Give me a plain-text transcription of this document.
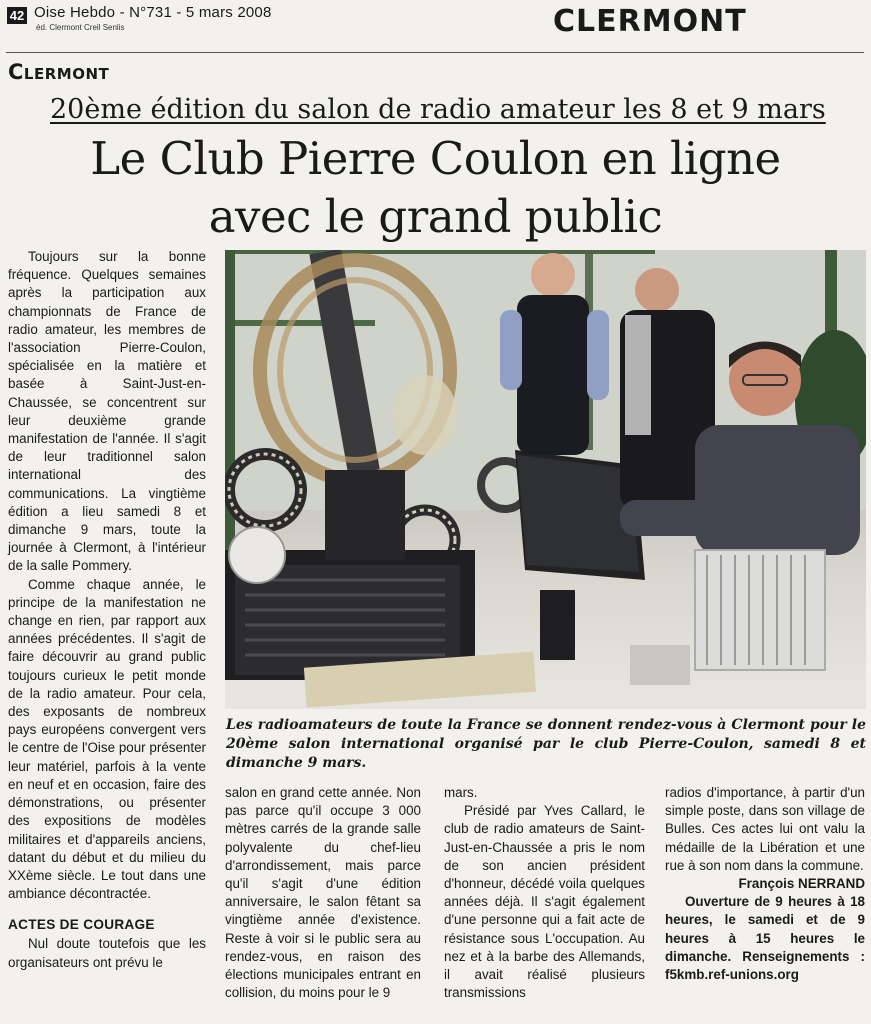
42 Oise Hebdo - N°731 - 5 mars 2008
éd. Clermont Creil Senlis	CLERMONT
Clermont
20ème édition du salon de radio amateur les 8 et 9 mars
Le Club Pierre Coulon en ligne
avec le grand public

Toujours sur la bonne fréquence. Quelques semaines après la participation aux championnats de France de radio amateur, les membres de l'association Pierre-Coulon, spécialisée en la matière et basée à Saint-Just-en-Chaussée, se concentrent sur leur deuxième grande manifestation de l'année. Il s'agit de leur traditionnel salon international des communications. La vingtième édition a lieu samedi 8 et dimanche 9 mars, toute la journée à Clermont, à l'intérieur de la salle Pommery.

Comme chaque année, le principe de la manifestation ne change en rien, par rapport aux années précédentes. Il s'agit de faire découvrir au grand public toujours curieux le petit monde de la radio amateur. Pour cela, des exposants de nombreux pays européens convergent vers le centre de l'Oise pour présenter leur matériel, parfois à la vente en neuf et en occasion, faire des démonstrations, ou présenter des expositions de modèles militaires et d'appareils anciens, datant du début et du milieu du XXème siècle. Le tout dans une ambiance décontractée.

ACTES DE COURAGE

Nul doute toutefois que les organisateurs ont prévu le

Les radioamateurs de toute la France se donnent rendez-vous à Clermont pour le 20ème salon international organisé par le club Pierre-Coulon, samedi 8 et dimanche 9 mars.

salon en grand cette année. Non pas parce qu'il occupe 3 000 mètres carrés de la grande salle polyvalente du chef-lieu d'arrondissement, mais parce qu'il s'agit d'une édition anniversaire, le salon fêtant sa vingtième année d'existence. Reste à voir si le public sera au rendez-vous, en raison des élections municipales entrant en collision, du moins pour le 9

mars.

Présidé par Yves Callard, le club de radio amateurs de Saint-Just-en-Chaussée a pris le nom de son ancien président d'honneur, décédé voila quelques années déjà. Il s'agit également d'une personne qui a fait acte de résistance sous L'occupation. Au nez et à la barbe des Allemands, il avait réalisé plusieurs transmissions

radios d'importance, à partir d'un simple poste, dans son village de Bulles. Ces actes lui ont valu la médaille de la Libération et une rue à son nom dans la commune.

François NERRAND

Ouverture de 9 heures à 18 heures, le samedi et de 9 heures à 15 heures le dimanche. Renseignements : f5kmb.ref-unions.org
